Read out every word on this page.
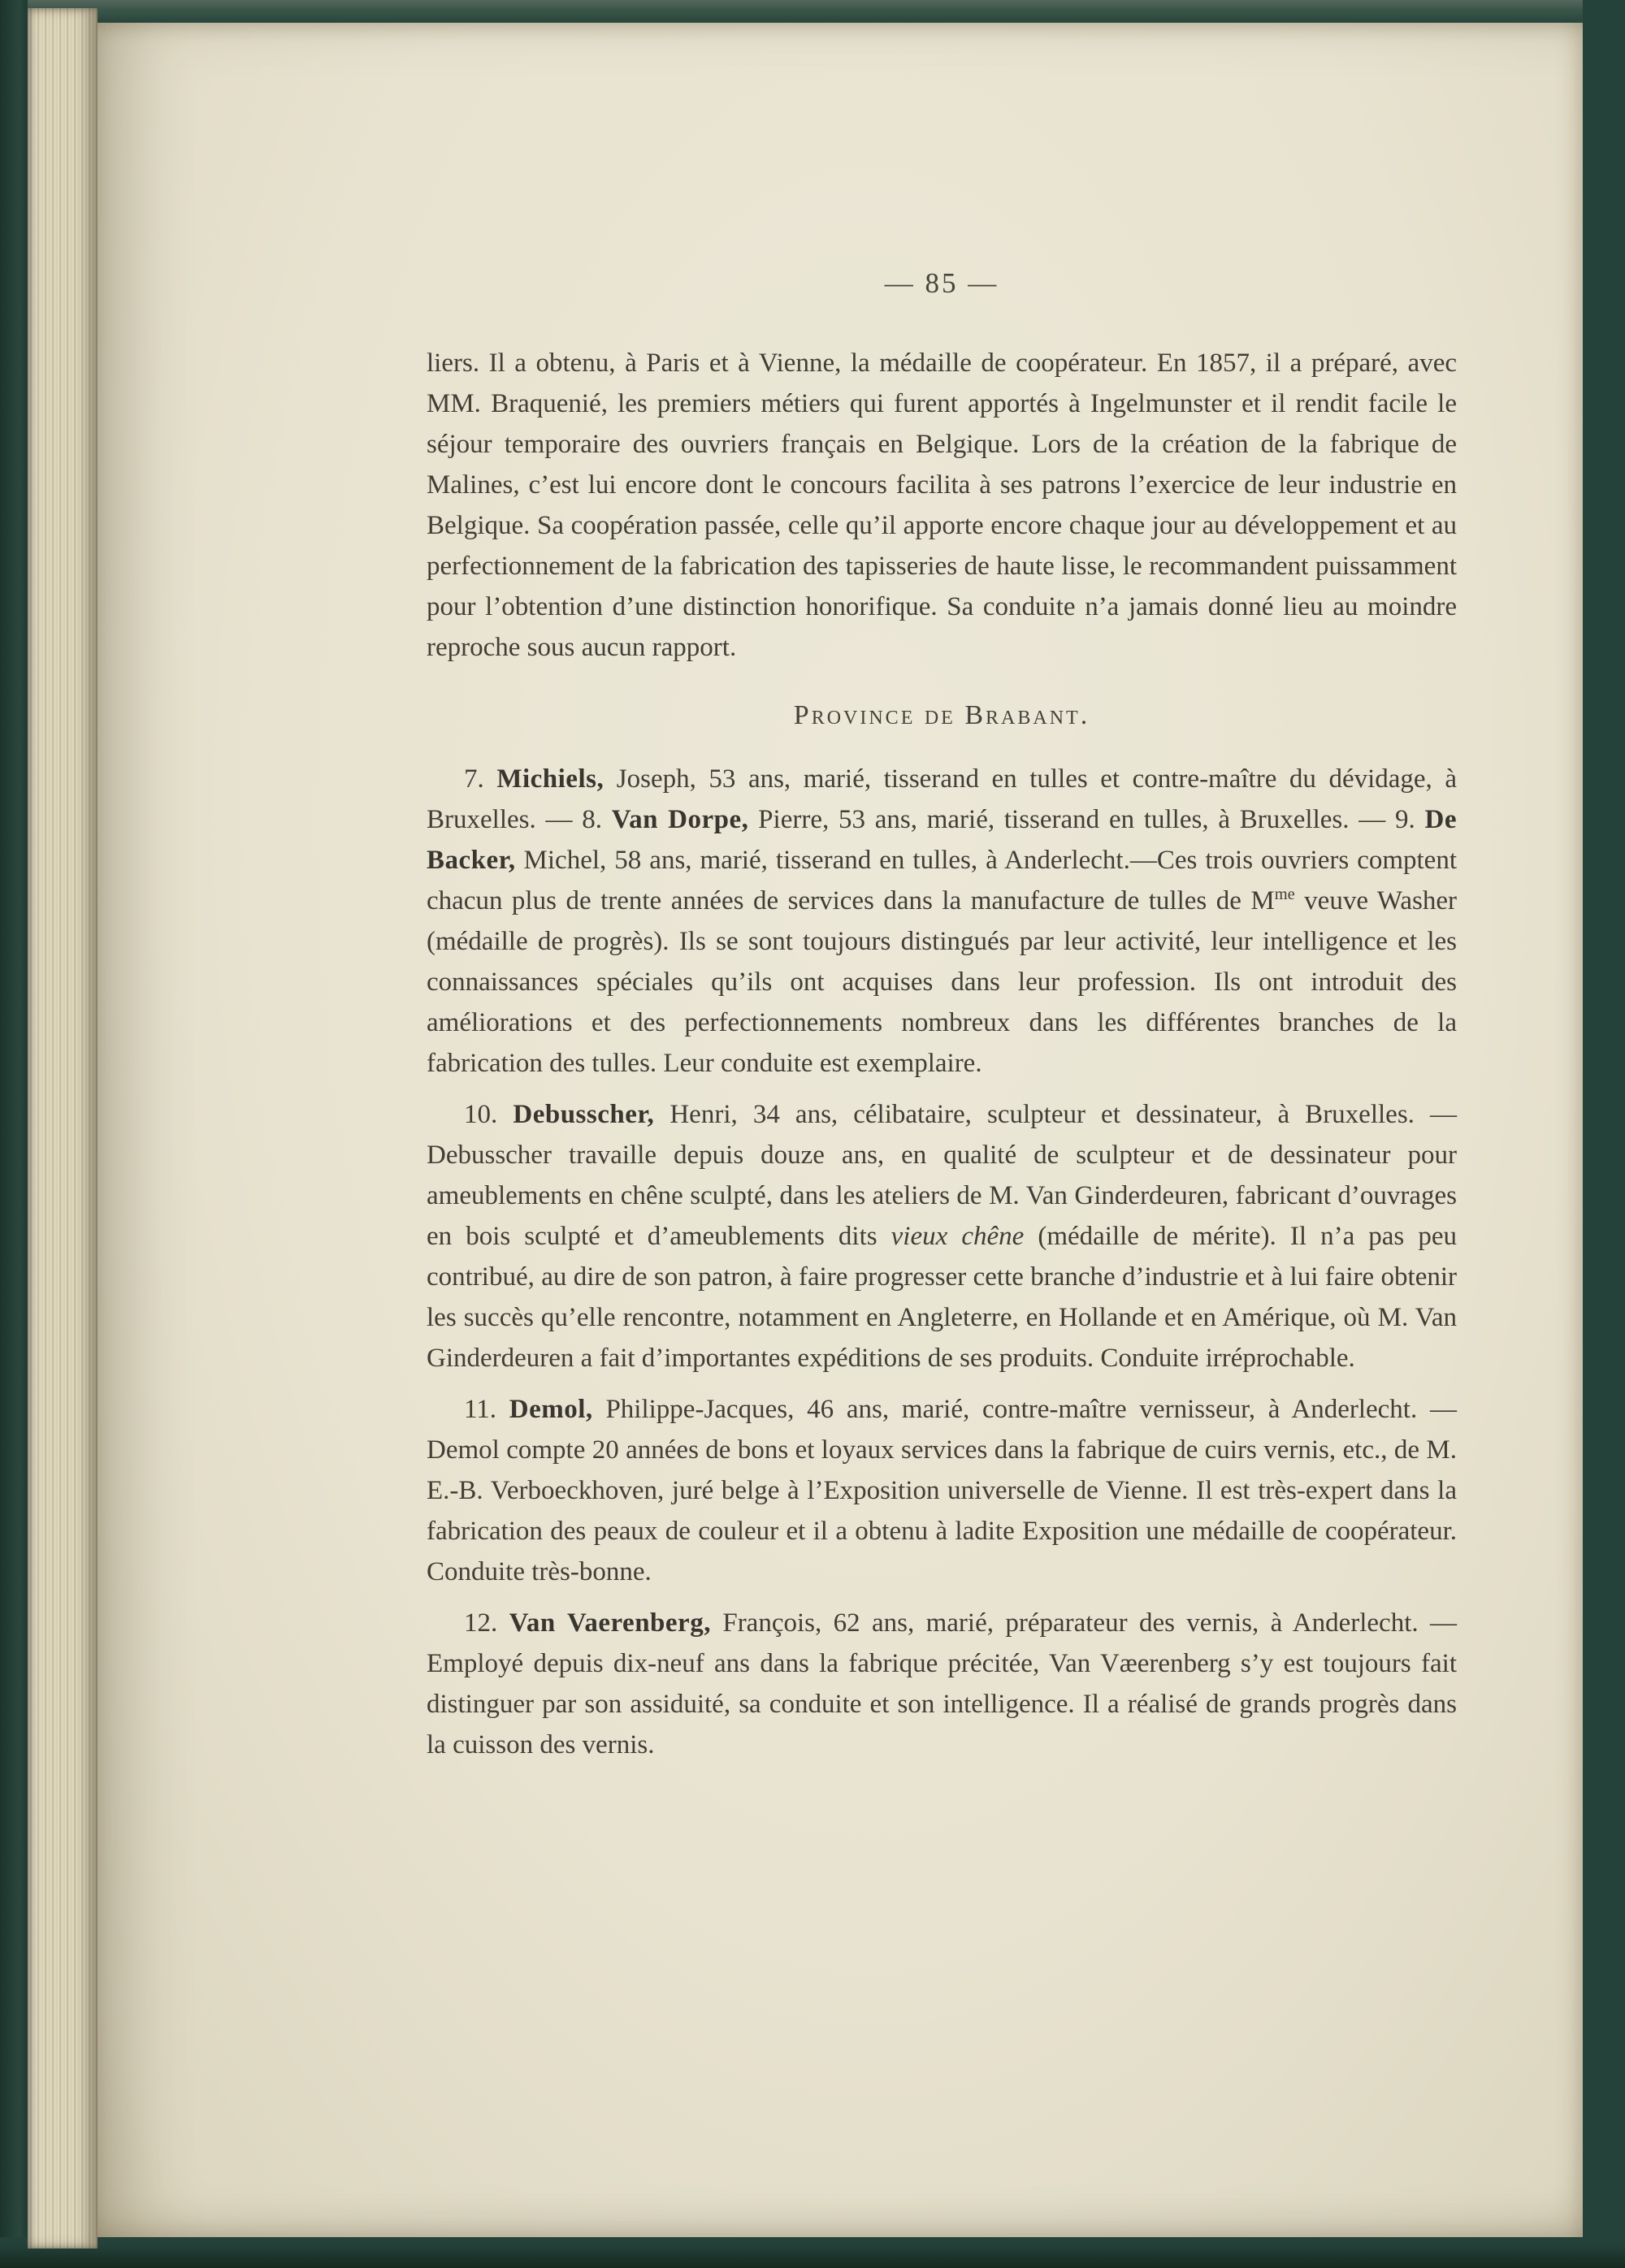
— 85 —

liers. Il a obtenu, à Paris et à Vienne, la médaille de coopérateur. En 1857, il a préparé, avec MM. Braquenié, les premiers métiers qui furent apportés à Ingelmunster et il rendit facile le séjour temporaire des ouvriers français en Belgique. Lors de la création de la fabrique de Malines, c’est lui encore dont le concours facilita à ses patrons l’exercice de leur industrie en Belgique. Sa coopération passée, celle qu’il apporte encore chaque jour au développement et au perfectionnement de la fabrication des tapisseries de haute lisse, le recommandent puissamment pour l’obtention d’une distinction honorifique. Sa conduite n’a jamais donné lieu au moindre reproche sous aucun rapport.

Province de Brabant.

7. Michiels, Joseph, 53 ans, marié, tisserand en tulles et contre-maître du dévidage, à Bruxelles. — 8. Van Dorpe, Pierre, 53 ans, marié, tisserand en tulles, à Bruxelles. — 9. De Backer, Michel, 58 ans, marié, tisserand en tulles, à Anderlecht.—Ces trois ouvriers comptent chacun plus de trente années de services dans la manufacture de tulles de $M^{me}$ veuve Washer (médaille de progrès). Ils se sont toujours distingués par leur activité, leur intelligence et les connaissances spéciales qu’ils ont acquises dans leur profession. Ils ont introduit des améliorations et des perfectionnements nombreux dans les différentes branches de la fabrication des tulles. Leur conduite est exemplaire.

10. Debusscher, Henri, 34 ans, célibataire, sculpteur et dessinateur, à Bruxelles. — Debusscher travaille depuis douze ans, en qualité de sculpteur et de dessinateur pour ameublements en chêne sculpté, dans les ateliers de M. Van Ginderdeuren, fabricant d’ouvrages en bois sculpté et d’ameublements dits vieux chêne (médaille de mérite). Il n’a pas peu contribué, au dire de son patron, à faire progresser cette branche d’industrie et à lui faire obtenir les succès qu’elle rencontre, notamment en Angleterre, en Hollande et en Amérique, où M. Van Ginderdeuren a fait d’importantes expéditions de ses produits. Conduite irréprochable.

11. Demol, Philippe-Jacques, 46 ans, marié, contre-maître vernisseur, à Anderlecht. — Demol compte 20 années de bons et loyaux services dans la fabrique de cuirs vernis, etc., de M. E.-B. Verboeckhoven, juré belge à l’Exposition universelle de Vienne. Il est très-expert dans la fabrication des peaux de couleur et il a obtenu à ladite Exposition une médaille de coopérateur. Conduite très-bonne.

12. Van Vaerenberg, François, 62 ans, marié, préparateur des vernis, à Anderlecht. — Employé depuis dix-neuf ans dans la fabrique précitée, Van Væerenberg s’y est toujours fait distinguer par son assiduité, sa conduite et son intelligence. Il a réalisé de grands progrès dans la cuisson des vernis.
